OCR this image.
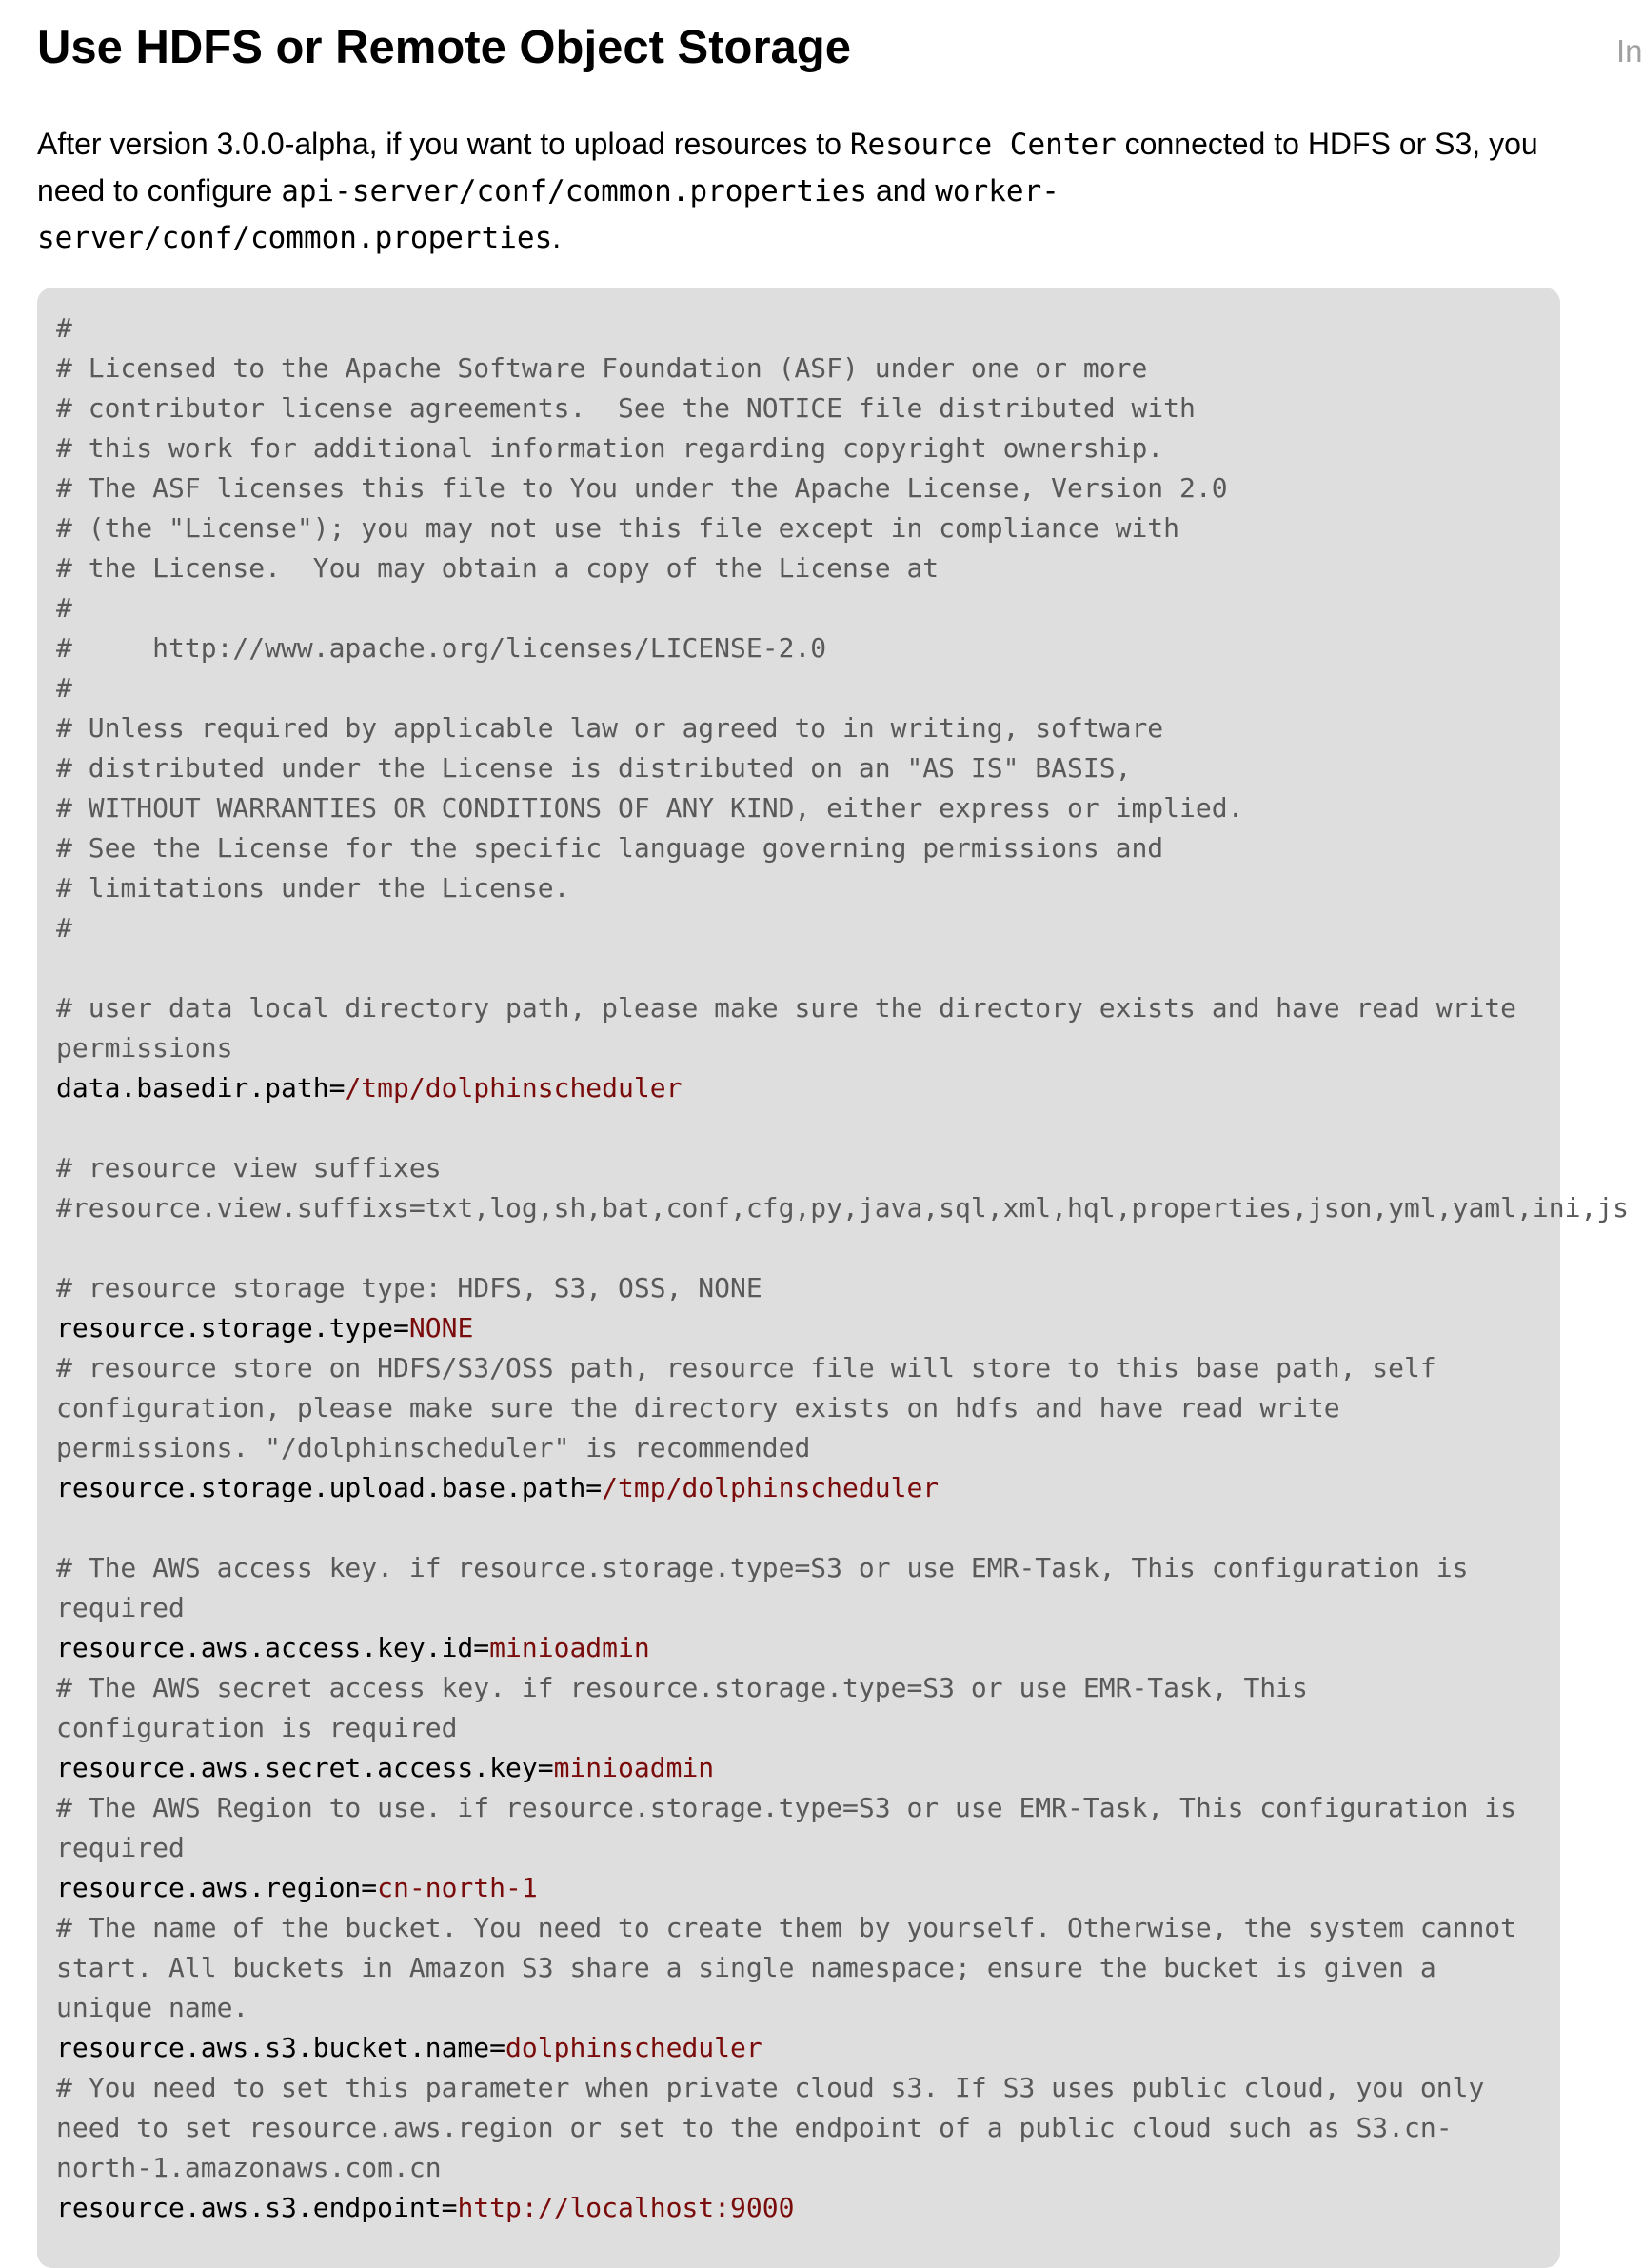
Use HDFS or Remote Object Storage	In

After version 3.0.0-alpha, if you want to upload resources to Resource Center connected to HDFS or S3, you need to configure api-server/conf/common.properties and worker-server/conf/common.properties.

#
# Licensed to the Apache Software Foundation (ASF) under one or more
# contributor license agreements.  See the NOTICE file distributed with
# this work for additional information regarding copyright ownership.
# The ASF licenses this file to You under the Apache License, Version 2.0
# (the "License"); you may not use this file except in compliance with
# the License.  You may obtain a copy of the License at
#
#     http://www.apache.org/licenses/LICENSE-2.0
#
# Unless required by applicable law or agreed to in writing, software
# distributed under the License is distributed on an "AS IS" BASIS,
# WITHOUT WARRANTIES OR CONDITIONS OF ANY KIND, either express or implied.
# See the License for the specific language governing permissions and
# limitations under the License.
#
# user data local directory path, please make sure the directory exists and have read write
permissions
data.basedir.path=/tmp/dolphinscheduler
# resource view suffixes
#resource.view.suffixs=txt,log,sh,bat,conf,cfg,py,java,sql,xml,hql,properties,json,yml,yaml,ini,js
# resource storage type: HDFS, S3, OSS, NONE
resource.storage.type=NONE
# resource store on HDFS/S3/OSS path, resource file will store to this base path, self
configuration, please make sure the directory exists on hdfs and have read write
permissions. "/dolphinscheduler" is recommended
resource.storage.upload.base.path=/tmp/dolphinscheduler
# The AWS access key. if resource.storage.type=S3 or use EMR-Task, This configuration is
required
resource.aws.access.key.id=minioadmin
# The AWS secret access key. if resource.storage.type=S3 or use EMR-Task, This
configuration is required
resource.aws.secret.access.key=minioadmin
# The AWS Region to use. if resource.storage.type=S3 or use EMR-Task, This configuration is
required
resource.aws.region=cn-north-1
# The name of the bucket. You need to create them by yourself. Otherwise, the system cannot
start. All buckets in Amazon S3 share a single namespace; ensure the bucket is given a
unique name.
resource.aws.s3.bucket.name=dolphinscheduler
# You need to set this parameter when private cloud s3. If S3 uses public cloud, you only
need to set resource.aws.region or set to the endpoint of a public cloud such as S3.cn-
north-1.amazonaws.com.cn
resource.aws.s3.endpoint=http://localhost:9000
